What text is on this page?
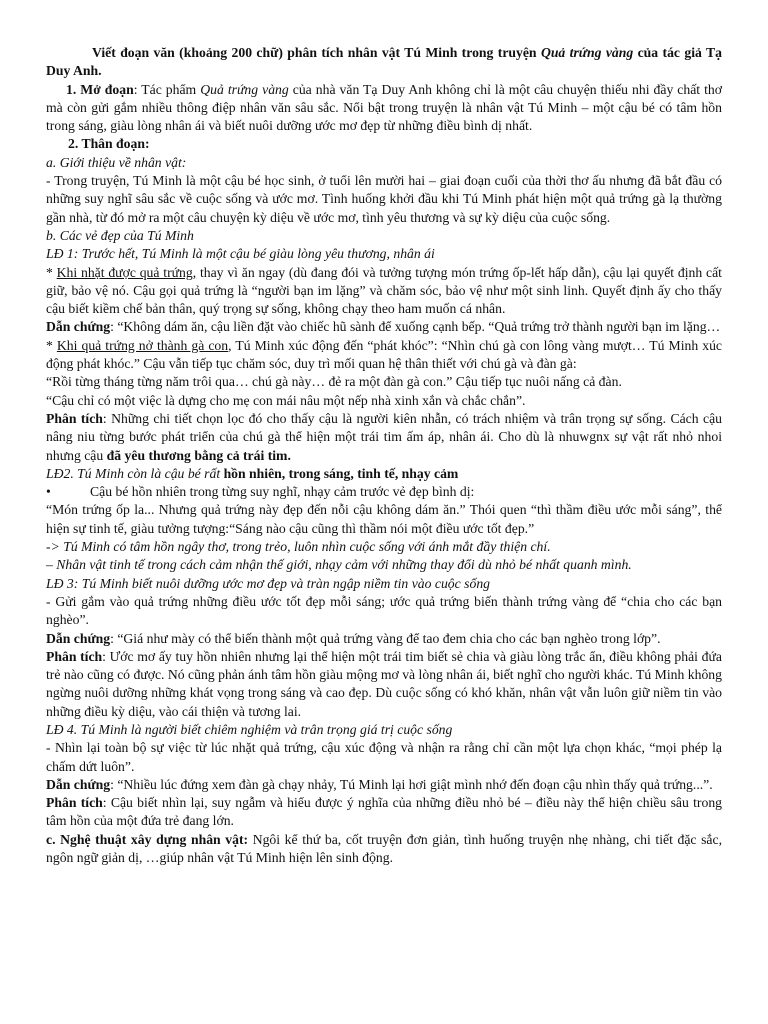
Viết đoạn văn (khoảng 200 chữ) phân tích nhân vật Tú Minh trong truyện Quả trứng vàng của tác giả Tạ Duy Anh.

1. Mở đoạn: Tác phẩm Quả trứng vàng của nhà văn Tạ Duy Anh không chỉ là một câu chuyện thiếu nhi đầy chất thơ mà còn gửi gắm nhiều thông điệp nhân văn sâu sắc. Nổi bật trong truyện là nhân vật Tú Minh – một cậu bé có tâm hồn trong sáng, giàu lòng nhân ái và biết nuôi dưỡng ước mơ đẹp từ những điều bình dị nhất.

2. Thân đoạn:

a. Giới thiệu về nhân vật:

- Trong truyện, Tú Minh là một cậu bé học sinh, ở tuổi lên mười hai – giai đoạn cuối của thời thơ ấu nhưng đã bắt đầu có những suy nghĩ sâu sắc về cuộc sống và ước mơ. Tình huống khởi đầu khi Tú Minh phát hiện một quả trứng gà lạ thường gần nhà, từ đó mở ra một câu chuyện kỳ diệu về ước mơ, tình yêu thương và sự kỳ diệu của cuộc sống.

b. Các vẻ đẹp của Tú Minh

LĐ 1: Trước hết, Tú Minh là một cậu bé giàu lòng yêu thương, nhân ái

* Khi nhặt được quả trứng, thay vì ăn ngay (dù đang đói và tưởng tượng món trứng ốp-lết hấp dẫn), cậu lại quyết định cất giữ, bảo vệ nó. Cậu gọi quả trứng là “người bạn im lặng” và chăm sóc, bảo vệ như một sinh linh. Quyết định ấy cho thấy cậu biết kiềm chế bản thân, quý trọng sự sống, không chạy theo ham muốn cá nhân.

Dẫn chứng: “Không dám ăn, cậu liền đặt vào chiếc hũ sành để xuống cạnh bếp. “Quả trứng trở thành người bạn im lặng…

* Khi quả trứng nở thành gà con, Tú Minh xúc động đến “phát khóc”: “Nhìn chú gà con lông vàng mượt… Tú Minh xúc động phát khóc.” Cậu vẫn tiếp tục chăm sóc, duy trì mối quan hệ thân thiết với chú gà và đàn gà:

“Rồi từng tháng từng năm trôi qua… chú gà này… đẻ ra một đàn gà con.” Cậu tiếp tục nuôi nấng cả đàn.

“Cậu chỉ có một việc là dựng cho mẹ con mái nâu một nếp nhà xinh xắn và chắc chắn”.

Phân tích: Những chi tiết chọn lọc đó cho thấy cậu là người kiên nhẫn, có trách nhiệm và trân trọng sự sống. Cách cậu nâng niu từng bước phát triển của chú gà thể hiện một trái tim ấm áp, nhân ái. Cho dù là nhuwgnx sự vật rất nhỏ nhoi nhưng cậu đã yêu thương bằng cả trái tim.

LĐ2. Tú Minh còn là cậu bé rất hồn nhiên, trong sáng, tinh tế, nhạy cảm

•	Cậu bé hồn nhiên trong từng suy nghĩ, nhạy cảm trước vẻ đẹp bình dị:

“Món trứng ốp la... Nhưng quả trứng này đẹp đến nỗi cậu không dám ăn.” Thói quen “thì thầm điều ước mỗi sáng”, thể hiện sự tinh tế, giàu tưởng tượng:“Sáng nào cậu cũng thì thầm nói một điều ước tốt đẹp.”

-> Tú Minh có tâm hồn ngây thơ, trong trẻo, luôn nhìn cuộc sống với ánh mắt đầy thiện chí.

– Nhân vật tinh tế trong cách cảm nhận thế giới, nhạy cảm với những thay đổi dù nhỏ bé nhất quanh mình.

LĐ 3: Tú Minh biết nuôi dưỡng ước mơ đẹp và tràn ngập niềm tin vào cuộc sống

- Gửi gắm vào quả trứng những điều ước tốt đẹp mỗi sáng; ước quả trứng biến thành trứng vàng để “chia cho các bạn nghèo”.

Dẫn chứng: “Giá như mày có thể biến thành một quả trứng vàng để tao đem chia cho các bạn nghèo trong lớp”.

Phân tích: Ước mơ ấy tuy hồn nhiên nhưng lại thể hiện một trái tim biết sẻ chia và giàu lòng trắc ẩn, điều không phải đứa trẻ nào cũng có được. Nó cũng phản ánh tâm hồn giàu mộng mơ và lòng nhân ái, biết nghĩ cho người khác. Tú Minh không ngừng nuôi dưỡng những khát vọng trong sáng và cao đẹp. Dù cuộc sống có khó khăn, nhân vật vẫn luôn giữ niềm tin vào những điều kỳ diệu, vào cái thiện và tương lai.

LĐ 4. Tú Minh là người biết chiêm nghiệm và trân trọng giá trị cuộc sống

- Nhìn lại toàn bộ sự việc từ lúc nhặt quả trứng, cậu xúc động và nhận ra rằng chỉ cần một lựa chọn khác, “mọi phép lạ chấm dứt luôn”.

Dẫn chứng: “Nhiều lúc đứng xem đàn gà chạy nhảy, Tú Minh lại hơi giật mình nhớ đến đoạn cậu nhìn thấy quả trứng...”.

Phân tích: Cậu biết nhìn lại, suy ngẫm và hiểu được ý nghĩa của những điều nhỏ bé – điều này thể hiện chiều sâu trong tâm hồn của một đứa trẻ đang lớn.

c. Nghệ thuật xây dựng nhân vật: Ngôi kể thứ ba, cốt truyện đơn giản, tình huống truyện nhẹ nhàng, chi tiết đặc sắc, ngôn ngữ giản dị, …giúp nhân vật Tú Minh hiện lên sinh động.
